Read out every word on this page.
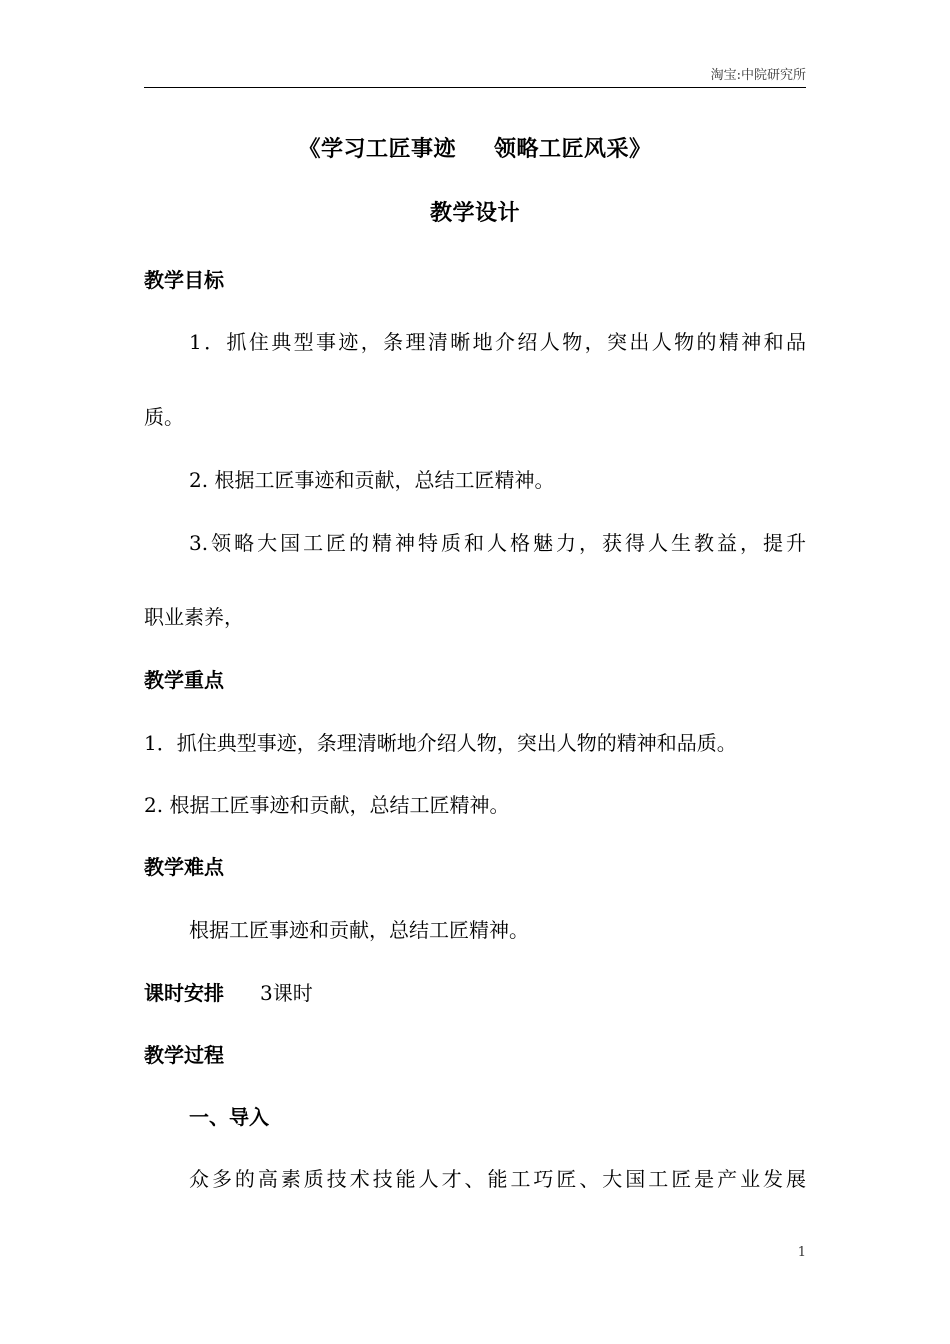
淘宝:中院研究所
《学习工匠事迹 领略工匠风采》
教学设计
教学目标
1．抓住典型事迹，条理清晰地介绍人物，突出人物的精神和品
质。
2. 根据工匠事迹和贡献，总结工匠精神。
3.领略大国工匠的精神特质和人格魅力，获得人生教益，提升
职业素养，
教学重点
1．抓住典型事迹，条理清晰地介绍人物，突出人物的精神和品质。
2. 根据工匠事迹和贡献，总结工匠精神。
教学难点
根据工匠事迹和贡献，总结工匠精神。
课时安排 3课时
教学过程
一、导入
众多的高素质技术技能人才、能工巧匠、大国工匠是产业发展
1
